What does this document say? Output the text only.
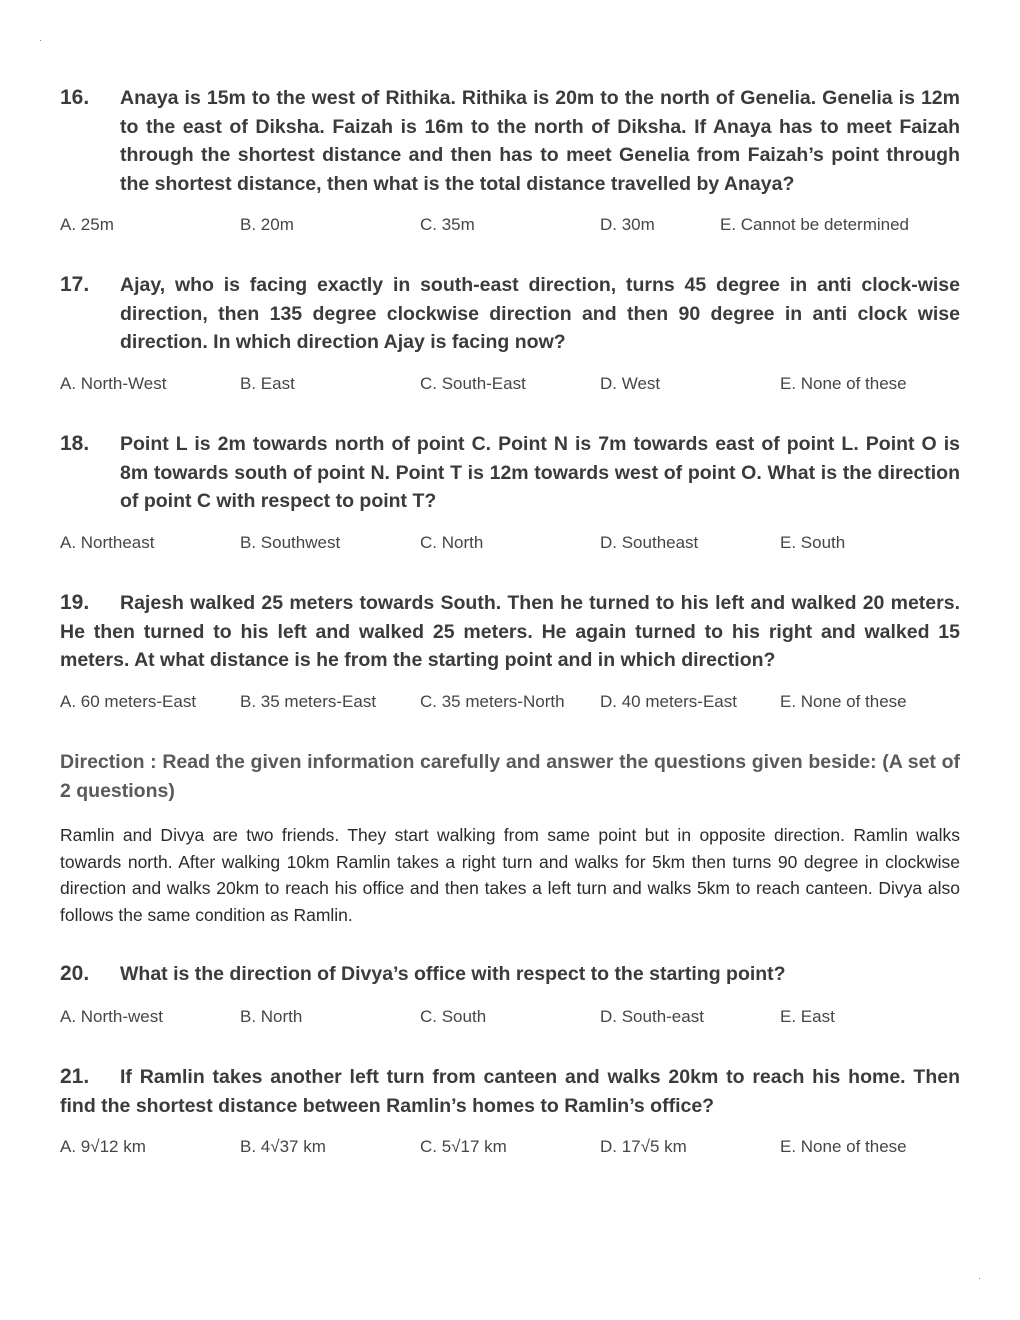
16.	Anaya is 15m to the west of Rithika. Rithika is 20m to the north of Genelia. Genelia is 12m to the east of Diksha. Faizah is 16m to the north of Diksha. If Anaya has to meet Faizah through the shortest distance and then has to meet Genelia from Faizah’s point through the shortest distance, then what is the total distance travelled by Anaya?
A. 25m	B. 20m	C. 35m	D. 30m	E. Cannot be determined
17.	Ajay, who is facing exactly in south-east direction, turns 45 degree in anti clock-wise direction, then 135 degree clockwise direction and then 90 degree in anti clock wise direction. In which direction Ajay is facing now?
A. North-West	B. East	C. South-East	D. West	E. None of these
18.	Point L is 2m towards north of point C. Point N is 7m towards east of point L. Point O is 8m towards south of point N. Point T is 12m towards west of point O. What is the direction of point C with respect to point T?
A. Northeast	B. Southwest	C. North	D. Southeast	E. South
19. Rajesh walked 25 meters towards South. Then he turned to his left and walked 20 meters. He then turned to his left and walked 25 meters. He again turned to his right and walked 15 meters. At what distance is he from the starting point and in which direction?
A. 60 meters-East	B. 35 meters-East	C. 35 meters-North D. 40 meters-East	E. None of these
Direction : Read the given information carefully and answer the questions given beside: (A set of 2 questions)
Ramlin and Divya are two friends. They start walking from same point but in opposite direction. Ramlin walks towards north. After walking 10km Ramlin takes a right turn and walks for 5km then turns 90 degree in clockwise direction and walks 20km to reach his office and then takes a left turn and walks 5km to reach canteen. Divya also follows the same condition as Ramlin.
20.	What is the direction of Divya’s office with respect to the starting point?
A. North-west	B. North	C. South	D. South-east	E. East
21. If Ramlin takes another left turn from canteen and walks 20km to reach his home. Then find the shortest distance between Ramlin’s homes to Ramlin’s office?
A. 9√12 km	B. 4√37 km	C. 5√17 km	D. 17√5 km	E. None of these
